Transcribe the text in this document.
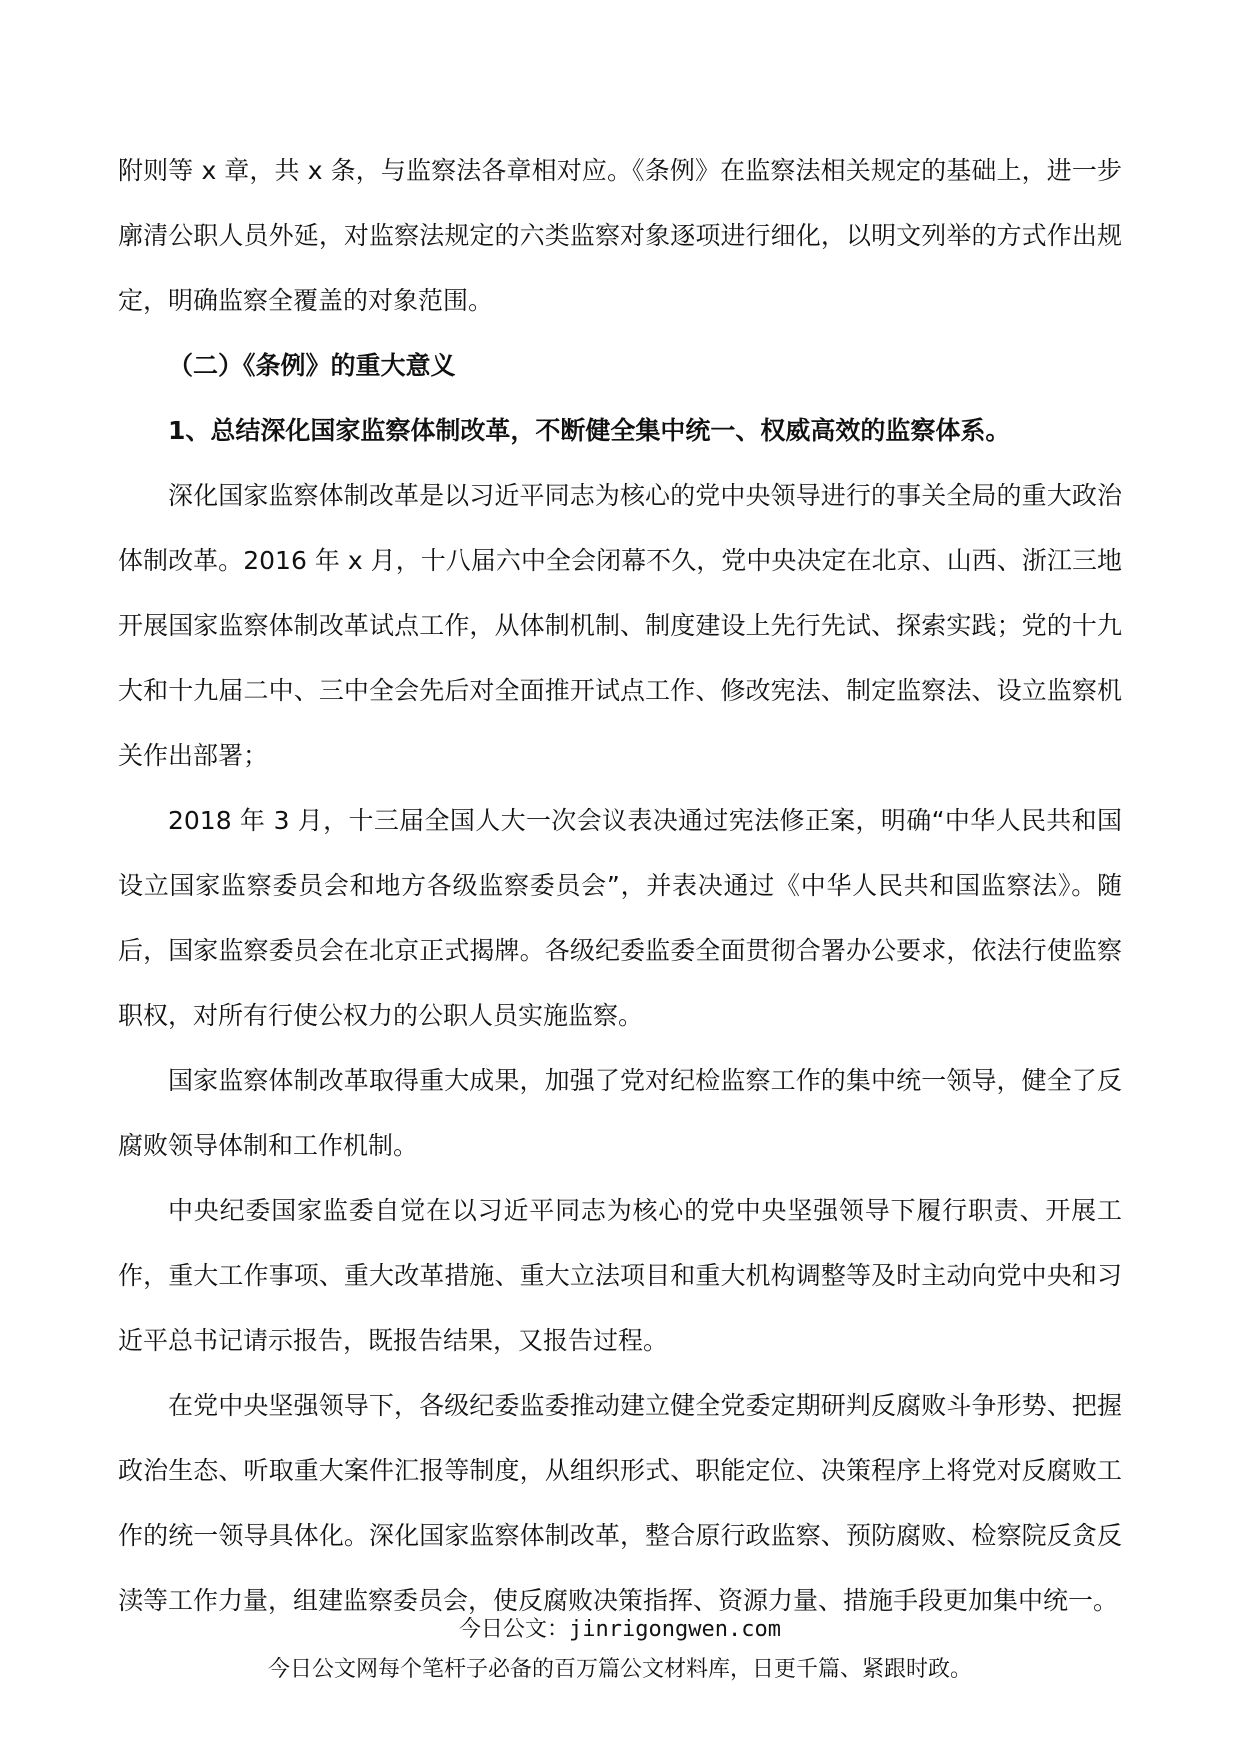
附则等 x 章，共 x 条，与监察法各章相对应。《条例》在监察法相关规定的基础上，进一步廓清公职人员外延，对监察法规定的六类监察对象逐项进行细化，以明文列举的方式作出规定，明确监察全覆盖的对象范围。

（二）《条例》的重大意义

1、总结深化国家监察体制改革，不断健全集中统一、权威高效的监察体系。

深化国家监察体制改革是以习近平同志为核心的党中央领导进行的事关全局的重大政治体制改革。2016 年 x 月，十八届六中全会闭幕不久，党中央决定在北京、山西、浙江三地开展国家监察体制改革试点工作，从体制机制、制度建设上先行先试、探索实践；党的十九大和十九届二中、三中全会先后对全面推开试点工作、修改宪法、制定监察法、设立监察机关作出部署；

2018 年 3 月，十三届全国人大一次会议表决通过宪法修正案，明确“中华人民共和国设立国家监察委员会和地方各级监察委员会”，并表决通过《中华人民共和国监察法》。随后，国家监察委员会在北京正式揭牌。各级纪委监委全面贯彻合署办公要求，依法行使监察职权，对所有行使公权力的公职人员实施监察。

国家监察体制改革取得重大成果，加强了党对纪检监察工作的集中统一领导，健全了反腐败领导体制和工作机制。

中央纪委国家监委自觉在以习近平同志为核心的党中央坚强领导下履行职责、开展工作，重大工作事项、重大改革措施、重大立法项目和重大机构调整等及时主动向党中央和习近平总书记请示报告，既报告结果，又报告过程。

在党中央坚强领导下，各级纪委监委推动建立健全党委定期研判反腐败斗争形势、把握政治生态、听取重大案件汇报等制度，从组织形式、职能定位、决策程序上将党对反腐败工作的统一领导具体化。深化国家监察体制改革，整合原行政监察、预防腐败、检察院反贪反渎等工作力量，组建监察委员会，使反腐败决策指挥、资源力量、措施手段更加集中统一。

今日公文：jinrigongwen.com
今日公文网每个笔杆子必备的百万篇公文材料库，日更千篇、紧跟时政。
